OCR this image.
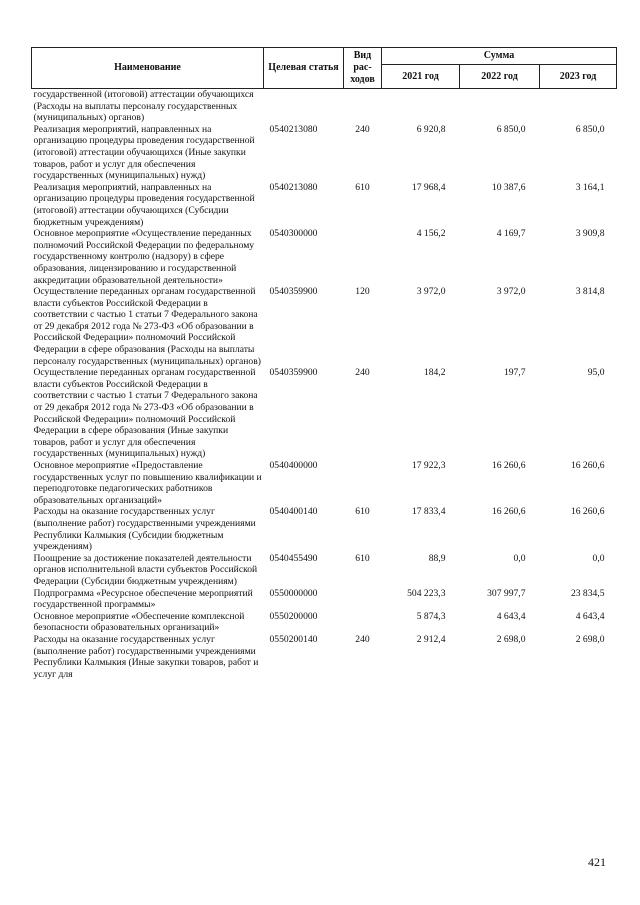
Наименование	Целевая статья	Вид рас-ходов	Сумма		
			2021 год	2022 год	2023 год
государственной (итоговой) аттестации обучающихся (Расходы на выплаты персоналу государственных (муниципальных) органов)					
Реализация мероприятий, направленных на организацию процедуры проведения государственной (итоговой) аттестации обучающихся (Иные закупки товаров, работ и услуг для обеспечения государственных (муниципальных) нужд)	0540213080	240	6 920,8	6 850,0	6 850,0
Реализация мероприятий, направленных на организацию процедуры проведения государственной (итоговой) аттестации обучающихся (Субсидии бюджетным учреждениям)	0540213080	610	17 968,4	10 387,6	3 164,1
Основное мероприятие «Осуществление переданных полномочий Российской Федерации по федеральному государственному контролю (надзору) в сфере образования, лицензированию и государственной аккредитации образовательной деятельности»	0540300000		4 156,2	4 169,7	3 909,8
Осуществление переданных органам государственной власти субъектов Российской Федерации в соответствии с частью 1 статьи 7 Федерального закона от 29 декабря 2012 года № 273-ФЗ «Об образовании в Российской Федерации» полномочий Российской Федерации в сфере образования (Расходы на выплаты персоналу государственных (муниципальных) органов)	0540359900	120	3 972,0	3 972,0	3 814,8
Осуществление переданных органам государственной власти субъектов Российской Федерации в соответствии с частью 1 статьи 7 Федерального закона от 29 декабря 2012 года № 273-ФЗ «Об образовании в Российской Федерации» полномочий Российской Федерации в сфере образования (Иные закупки товаров, работ и услуг для обеспечения государственных (муниципальных) нужд)	0540359900	240	184,2	197,7	95,0
Основное мероприятие «Предоставление государственных услуг по повышению квалификации и переподготовке педагогических работников образовательных организаций»	0540400000		17 922,3	16 260,6	16 260,6
Расходы на оказание государственных услуг (выполнение работ) государственными учреждениями Республики Калмыкия (Субсидии бюджетным учреждениям)	0540400140	610	17 833,4	16 260,6	16 260,6
Поощрение за достижение показателей деятельности органов исполнительной власти субъектов Российской Федерации (Субсидии бюджетным учреждениям)	0540455490	610	88,9	0,0	0,0
Подпрограмма «Ресурсное обеспечение мероприятий государственной программы»	0550000000		504 223,3	307 997,7	23 834,5
Основное мероприятие «Обеспечение комплексной безопасности образовательных организаций»	0550200000		5 874,3	4 643,4	4 643,4
Расходы на оказание государственных услуг (выполнение работ) государственными учреждениями Республики Калмыкия (Иные закупки товаров, работ и услуг для	0550200140	240	2 912,4	2 698,0	2 698,0
421
